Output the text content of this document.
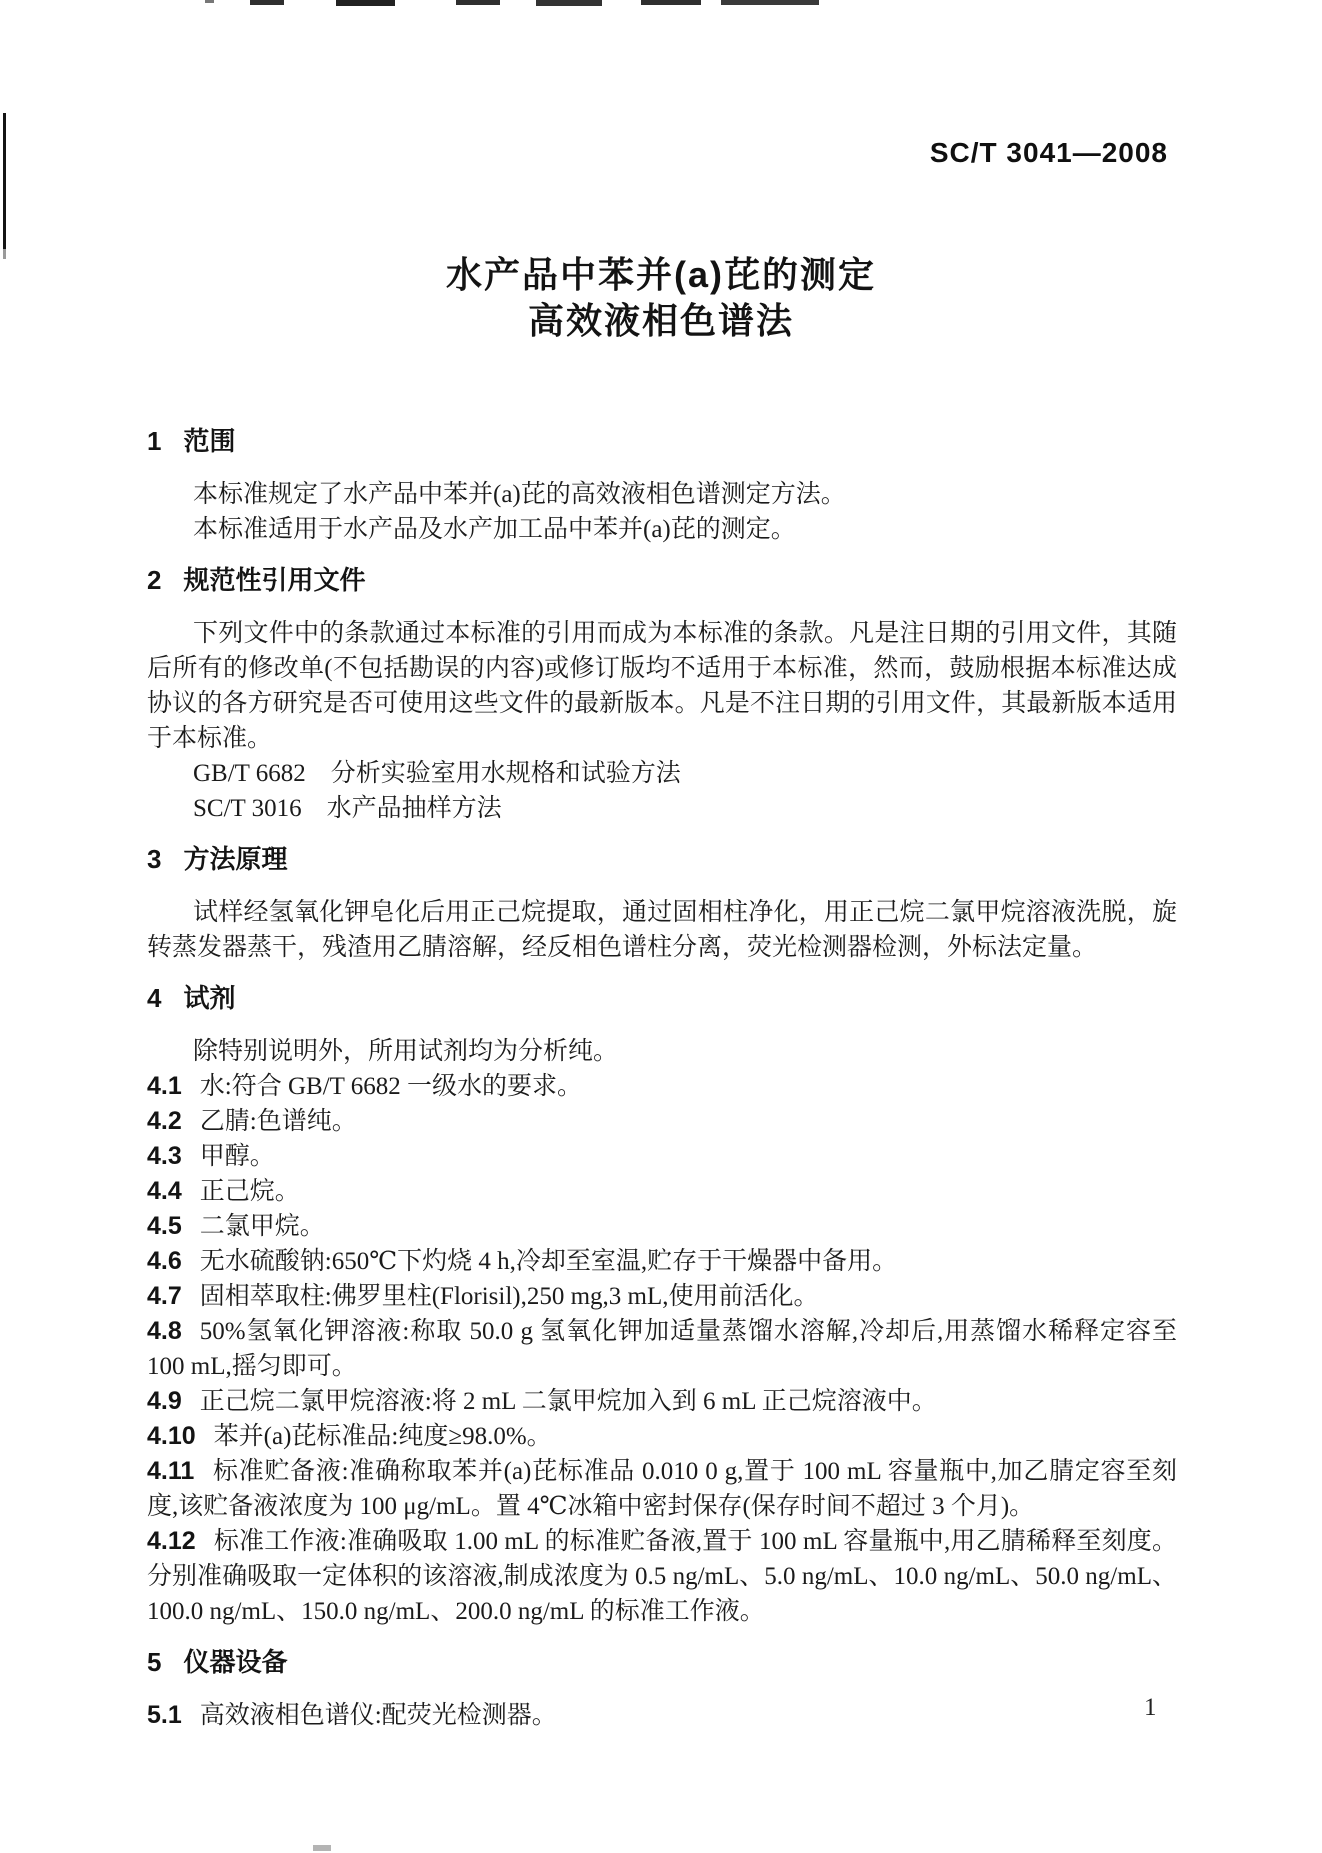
SC/T 3041—2008
水产品中苯并(a)芘的测定
高效液相色谱法
1 范围

本标准规定了水产品中苯并(a)芘的高效液相色谱测定方法。

本标准适用于水产品及水产加工品中苯并(a)芘的测定。

2 规范性引用文件

下列文件中的条款通过本标准的引用而成为本标准的条款。凡是注日期的引用文件，其随后所有的修改单(不包括勘误的内容)或修订版均不适用于本标准，然而，鼓励根据本标准达成协议的各方研究是否可使用这些文件的最新版本。凡是不注日期的引用文件，其最新版本适用于本标准。

GB/T 6682　分析实验室用水规格和试验方法

SC/T 3016　水产品抽样方法

3 方法原理

试样经氢氧化钾皂化后用正己烷提取，通过固相柱净化，用正己烷二氯甲烷溶液洗脱，旋转蒸发器蒸干，残渣用乙腈溶解，经反相色谱柱分离，荧光检测器检测，外标法定量。

4 试剂

除特别说明外，所用试剂均为分析纯。

4.1 水:符合 GB/T 6682 一级水的要求。
4.2 乙腈:色谱纯。
4.3 甲醇。
4.4 正己烷。
4.5 二氯甲烷。
4.6 无水硫酸钠:650℃下灼烧 4 h,冷却至室温,贮存于干燥器中备用。
4.7 固相萃取柱:佛罗里柱(Florisil),250 mg,3 mL,使用前活化。
4.8 50%氢氧化钾溶液:称取 50.0 g 氢氧化钾加适量蒸馏水溶解,冷却后,用蒸馏水稀释定容至 100 mL,摇匀即可。
4.9 正己烷二氯甲烷溶液:将 2 mL 二氯甲烷加入到 6 mL 正己烷溶液中。
4.10 苯并(a)芘标准品:纯度≥98.0%。
4.11 标准贮备液:准确称取苯并(a)芘标准品 0.010 0 g,置于 100 mL 容量瓶中,加乙腈定容至刻度,该贮备液浓度为 100 μg/mL。置 4℃冰箱中密封保存(保存时间不超过 3 个月)。
4.12 标准工作液:准确吸取 1.00 mL 的标准贮备液,置于 100 mL 容量瓶中,用乙腈稀释至刻度。分别准确吸取一定体积的该溶液,制成浓度为 0.5 ng/mL、5.0 ng/mL、10.0 ng/mL、50.0 ng/mL、100.0 ng/mL、150.0 ng/mL、200.0 ng/mL 的标准工作液。
5 仪器设备
5.1 高效液相色谱仪:配荧光检测器。	1
